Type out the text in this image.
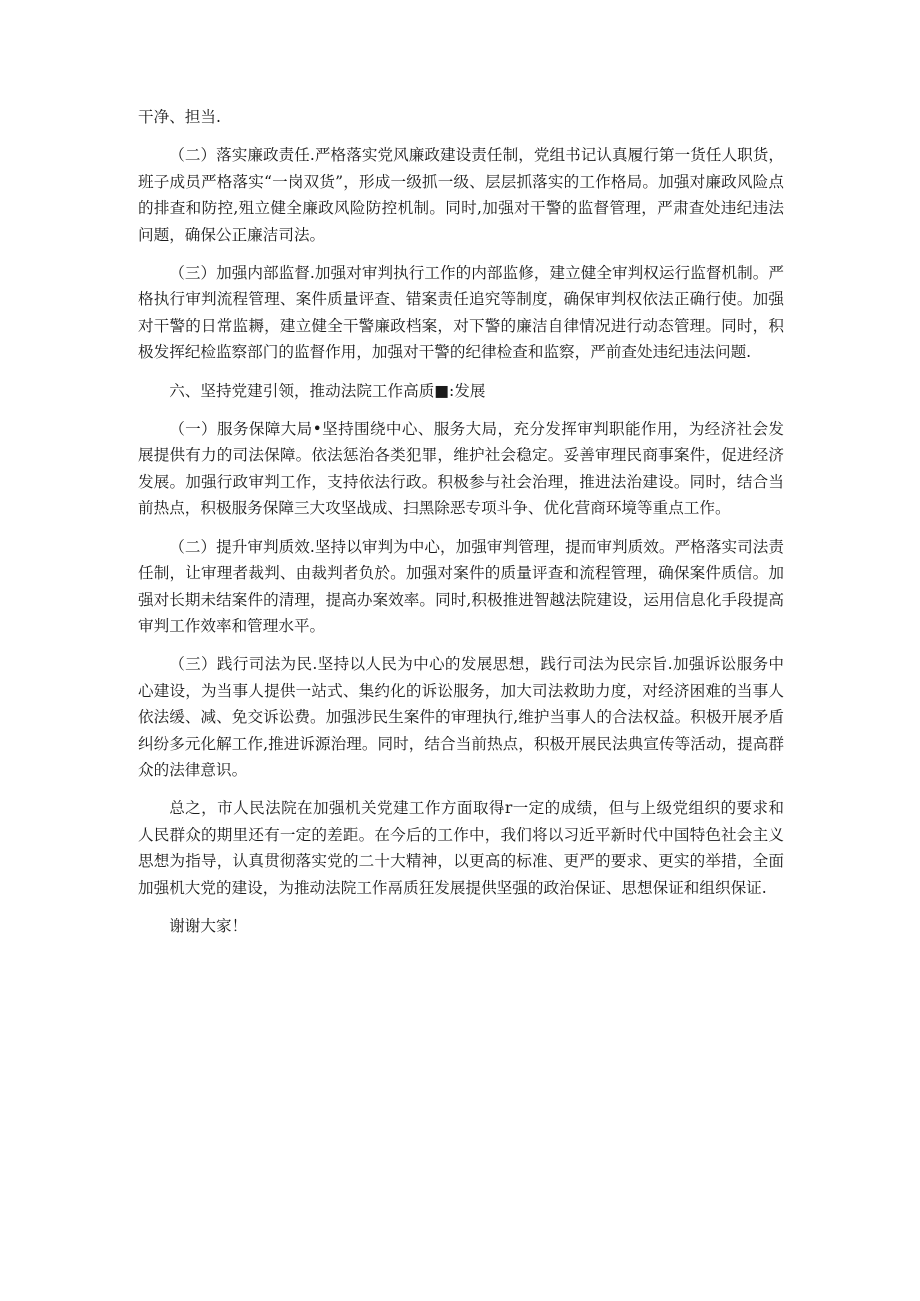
干净、担当.

（二）落实廉政责任.严格落实党风廉政建设责任制，党组书记认真履行第一货任人职货，班子成员严格落实“一岗双货”，形成一级抓一级、层层抓落实的工作格局。加强对廉政风险点的排查和防控,殂立健全廉政风险防控机制。同时,加强对干警的监督管理，严肃查处违纪违法问题，确保公正廉洁司法。

（三）加强内部监督.加强对审判执行工作的内部监修，建立健全审判权运行监督机制。严格执行审判流程管理、案件质量评查、错案责任追究等制度，确保审判权依法正确行使。加强对干警的日常监耨，建立健全干警廉政档案，对下警的廉洁自律情况进行动态管理。同时，积极发挥纪检监察部门的监督作用，加强对干警的纪律检查和监察，严前查处违纪违法问题.

六、坚持党建引领，推动法院工作高质■:发展

（一）服务保障大局•坚持围绕中心、服务大局，充分发挥审判职能作用，为经济社会发展提供有力的司法保障。依法惩治各类犯罪，维护社会稳定。妥善审理民商事案件，促进经济发展。加强行政审判工作，支持依法行政。积极参与社会治理，推进法治建设。同时，结合当前热点，积极服务保障三大攻坚战成、扫黑除恶专项斗争、优化营商环境等重点工作。

（二）提升审判质效.坚持以审判为中心，加强审判管理，提而审判质效。严格落实司法责任制，让审理者裁判、由裁判者负於。加强对案件的质量评查和流程管理，确保案件质信。加强对长期未结案件的清理，提高办案效率。同时,积极推进智越法院建设，运用信息化手段提高审判工作效率和管理水平。

（三）践行司法为民.坚持以人民为中心的发展思想，践行司法为民宗旨.加强诉讼服务中心建设，为当事人提供一站式、集约化的诉讼服务，加大司法救助力度，对经济困难的当事人依法缓、减、免交诉讼费。加强涉民生案件的审理执行,维护当事人的合法权益。积极开展矛盾纠纷多元化解工作,推进诉源治理。同时，结合当前热点，积极开展民法典宣传等活动，提高群众的法律意识。

总之，市人民法院在加强机关党建工作方面取得r一定的成绩，但与上级党组织的要求和人民群众的期里还有一定的差距。在今后的工作中，我们将以习近平新时代中国特色社会主义思想为指导，认真贯彻落实党的二十大精神，以更高的标准、更严的要求、更实的举措，全面加强机大党的建设，为推动法院工作鬲质狂发展提供坚强的政治保证、思想保证和组织保证.

谢谢大家！
